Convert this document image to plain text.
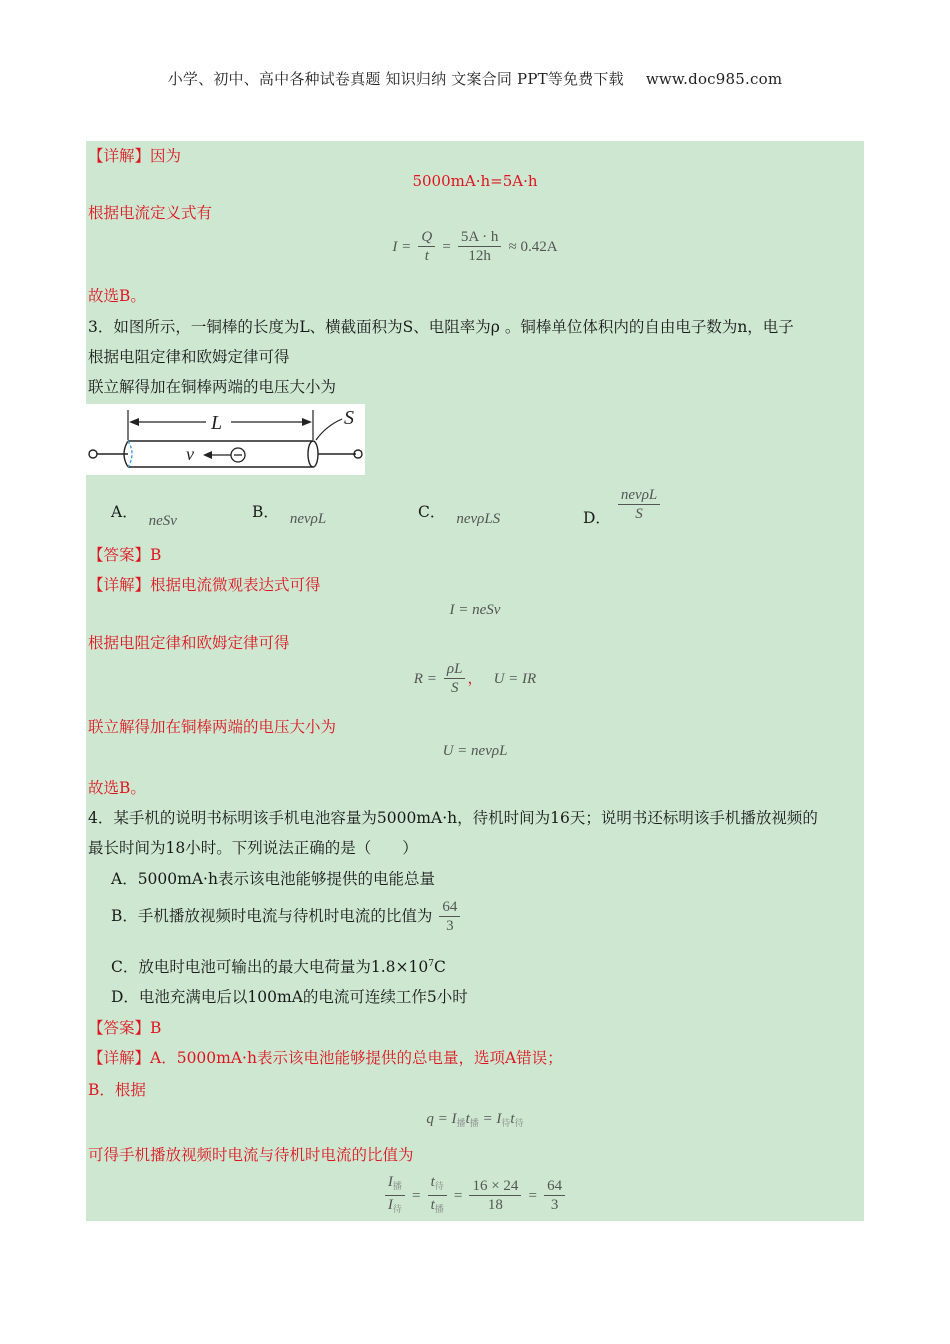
小学、初中、高中各种试卷真题 知识归纳 文案合同 PPT等免费下载 www.doc985.com
【详解】因为
5000mA·h=5A·h
根据电流定义式有
$I = \frac{Q}{t} = \frac{5A \cdot h}{12h} \approx 0.42A$
故选B。
3．如图所示，一铜棒的长度为L、横截面积为S、电阻率为ρ 。铜棒单位体积内的自由电子数为n，电子
根据电阻定律和欧姆定律可得
联立解得加在铜棒两端的电压大小为
L	S
v
A． neSv	B． nevρL	C． nevρLS	D． $\frac{\text{nevρL}}{S}$
【答案】B
【详解】根据电流微观表达式可得
I = neSv
根据电阻定律和欧姆定律可得
$R = \frac{\rho L}{S}$ ， U = IR
联立解得加在铜棒两端的电压大小为
U = nevρL
故选B。
4．某手机的说明书标明该手机电池容量为5000mA·h，待机时间为16天；说明书还标明该手机播放视频的
最长时间为18小时。下列说法正确的是（　　）
A．5000mA·h表示该电池能够提供的电能总量
B．手机播放视频时电流与待机时电流的比值为 $\frac{64}{3}$
C．放电时电池可输出的最大电荷量为$1.8\times 10^7C$
D．电池充满电后以100mA的电流可连续工作5小时
【答案】B
【详解】A．5000mA·h表示该电池能够提供的总电量，选项A错误；
B．根据
$q = I_播t_播 = I_待t_待$
可得手机播放视频时电流与待机时电流的比值为
$\frac{I_播}{I_待} = \frac{t_待}{t_播} = \frac{16 \times 24}{18} = \frac{64}{3}$
